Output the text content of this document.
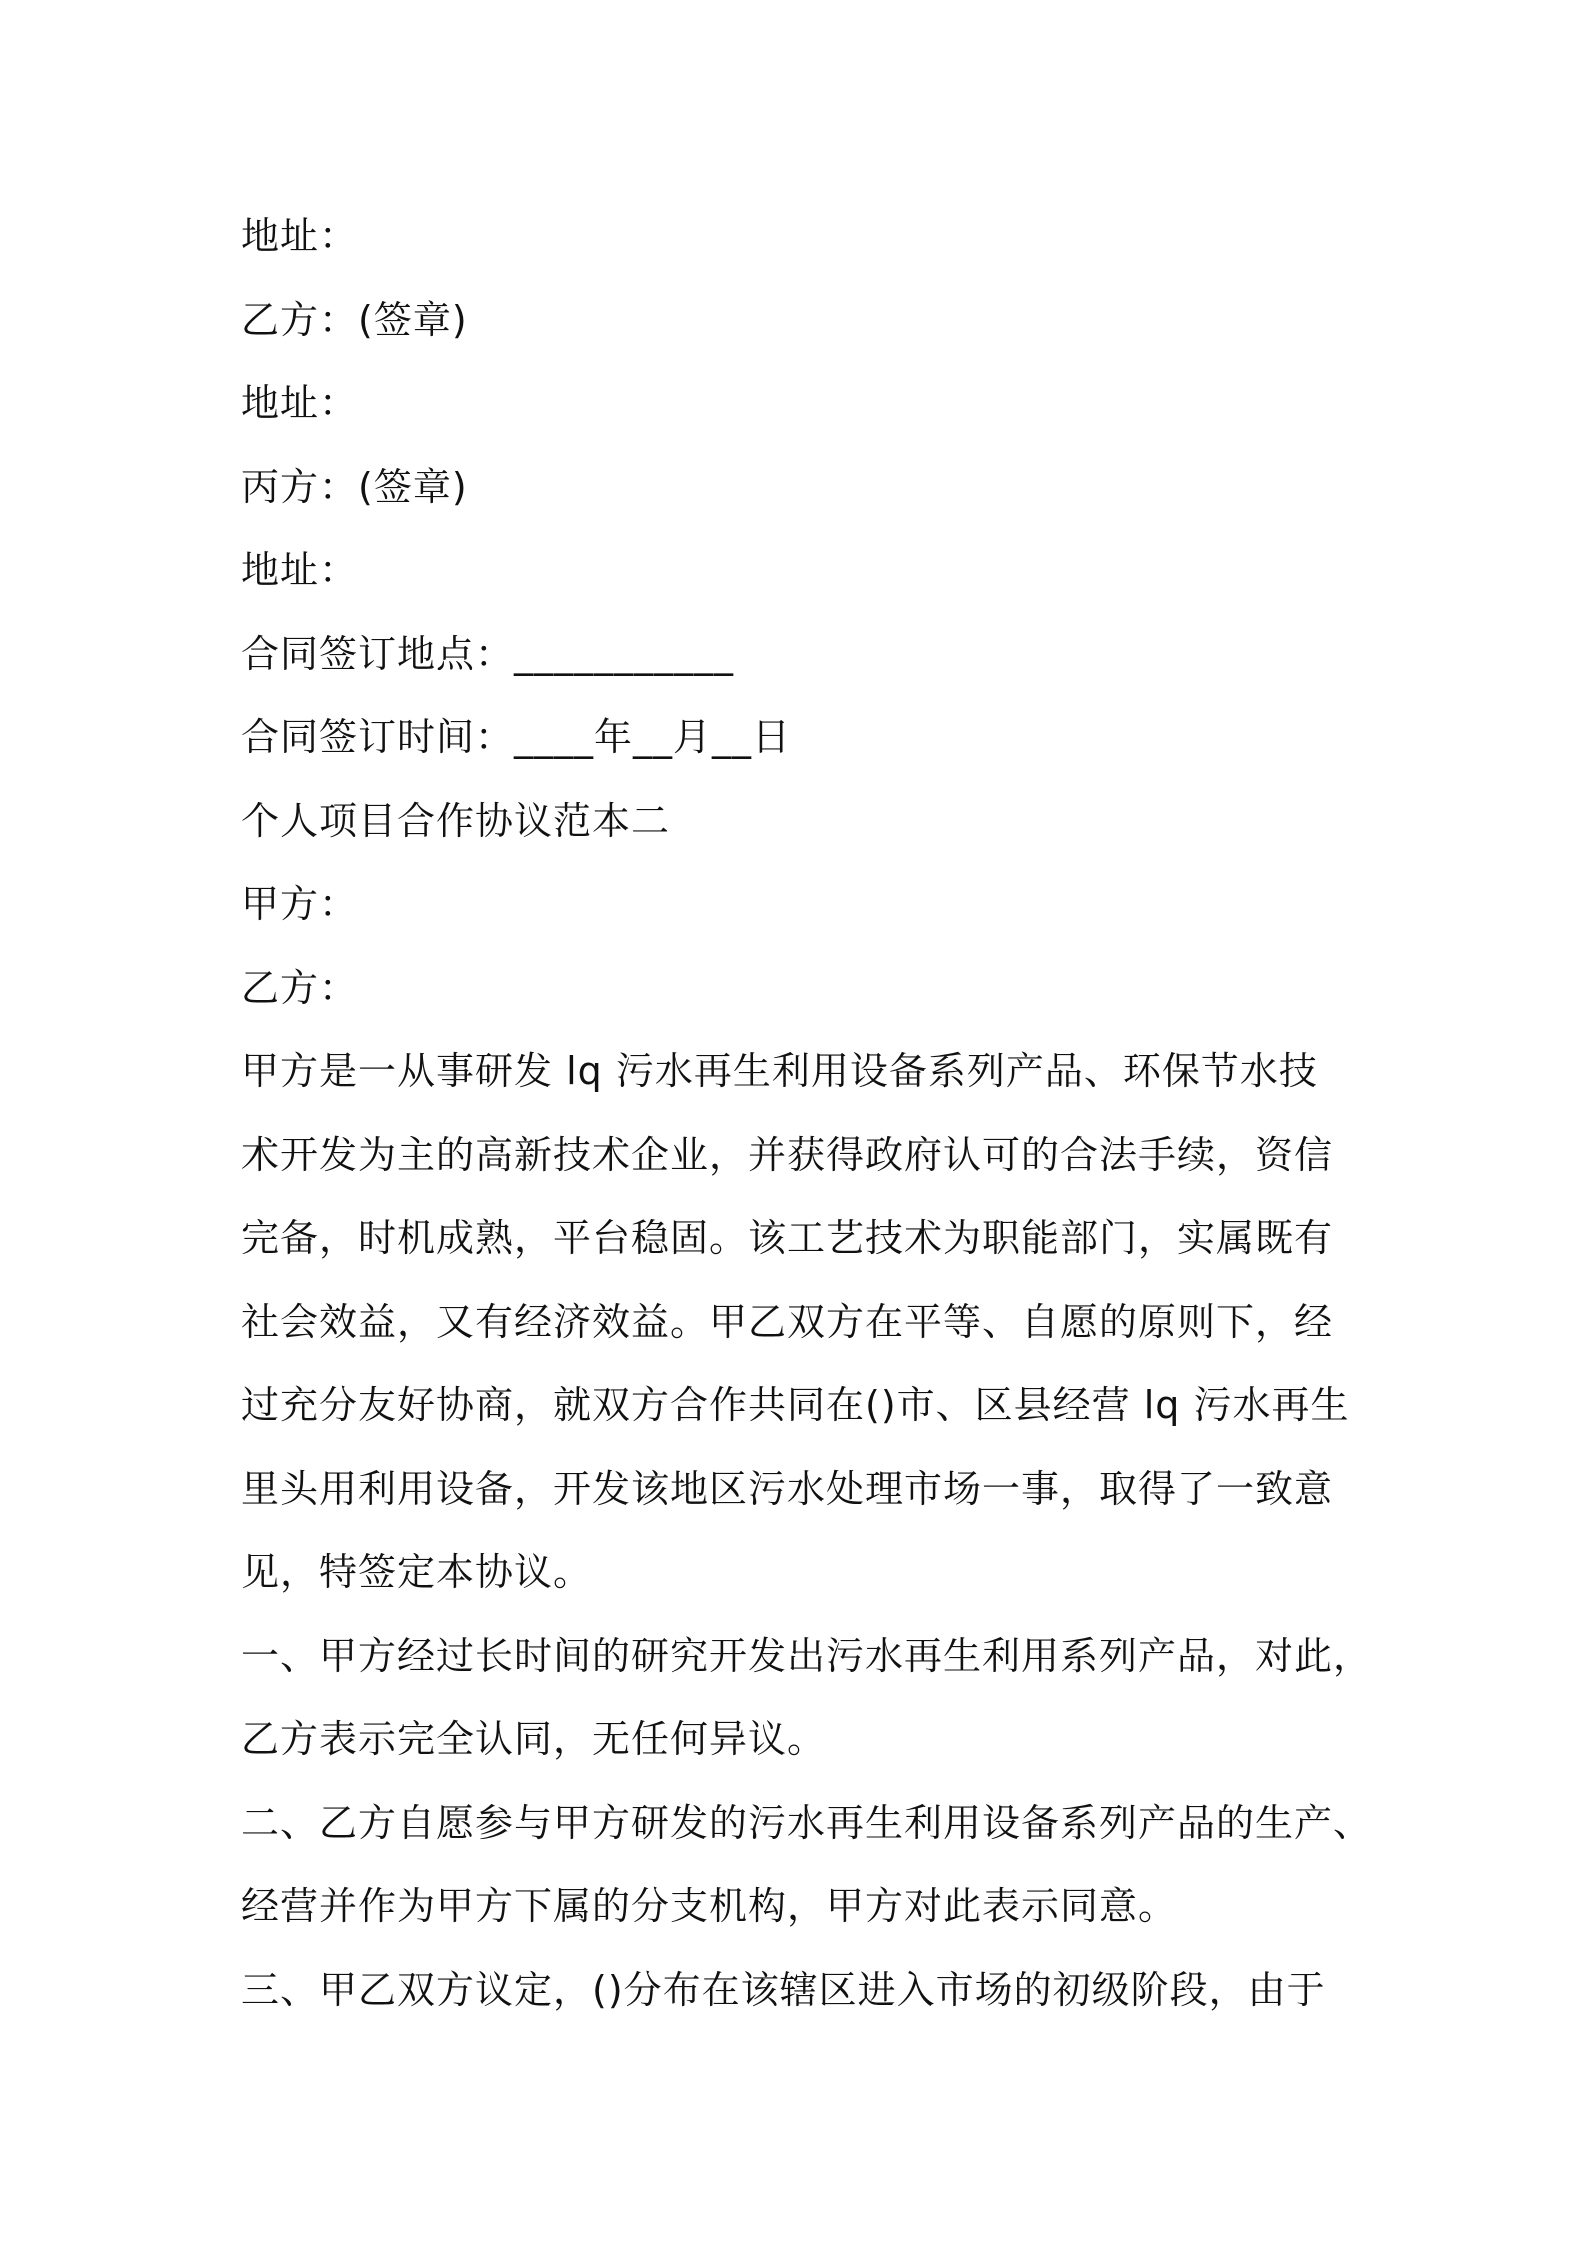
地址：
乙方：(签章)
地址：
丙方：(签章)
地址：
合同签订地点：___________
合同签订时间：____年__月__日
个人项目合作协议范本二
甲方：
乙方：
甲方是一从事研发 lq 污水再生利用设备系列产品、环保节水技
术开发为主的高新技术企业，并获得政府认可的合法手续，资信
完备，时机成熟，平台稳固。该工艺技术为职能部门，实属既有
社会效益，又有经济效益。甲乙双方在平等、自愿的原则下，经
过充分友好协商，就双方合作共同在()市、区县经营 lq 污水再生
里头用利用设备，开发该地区污水处理市场一事，取得了一致意
见，特签定本协议。
一、甲方经过长时间的研究开发出污水再生利用系列产品，对此，
乙方表示完全认同，无任何异议。
二、乙方自愿参与甲方研发的污水再生利用设备系列产品的生产、
经营并作为甲方下属的分支机构，甲方对此表示同意。
三、甲乙双方议定，()分布在该辖区进入市场的初级阶段，由于
